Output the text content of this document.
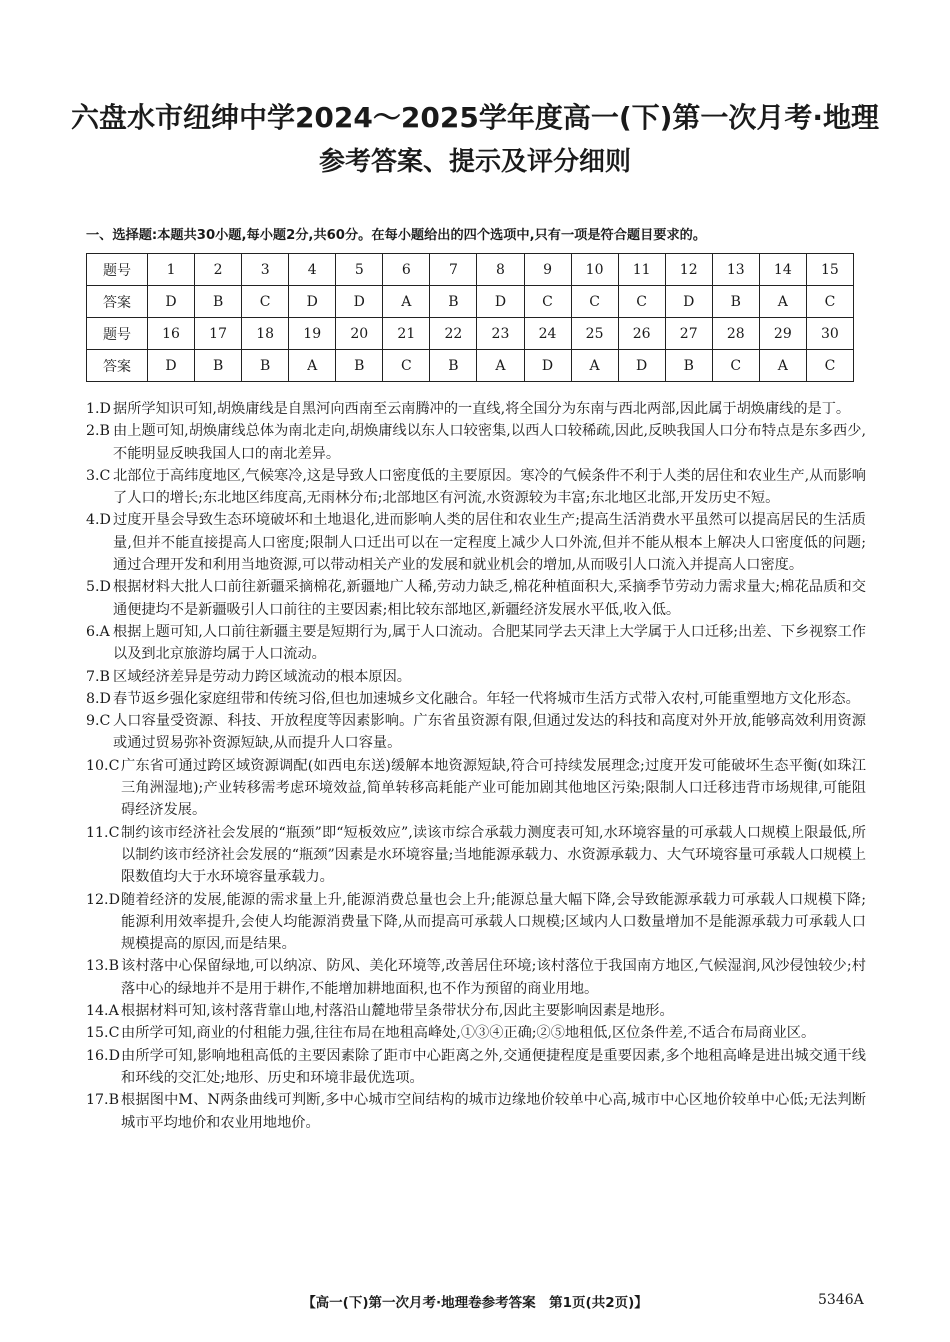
六盘水市纽绅中学2024～2025学年度高一(下)第一次月考·地理
参考答案、提示及评分细则
一、选择题:本题共30小题,每小题2分,共60分。在每小题给出的四个选项中,只有一项是符合题目要求的。
题号	1	2	3	4	5	6	7	8	9	10	11	12	13	14	15
答案	D	B	C	D	D	A	B	D	C	C	C	D	B	A	C
题号	16	17	18	19	20	21	22	23	24	25	26	27	28	29	30
答案	D	B	B	A	B	C	B	A	D	A	D	B	C	A	C
1.D 据所学知识可知,胡焕庸线是自黑河向西南至云南腾冲的一直线,将全国分为东南与西北两部,因此属于胡焕庸线的是丁。
2.B 由上题可知,胡焕庸线总体为南北走向,胡焕庸线以东人口较密集,以西人口较稀疏,因此,反映我国人口分布特点是东多西少,不能明显反映我国人口的南北差异。
3.C 北部位于高纬度地区,气候寒冷,这是导致人口密度低的主要原因。寒冷的气候条件不利于人类的居住和农业生产,从而影响了人口的增长;东北地区纬度高,无雨林分布;北部地区有河流,水资源较为丰富;东北地区北部,开发历史不短。
4.D 过度开垦会导致生态环境破坏和土地退化,进而影响人类的居住和农业生产;提高生活消费水平虽然可以提高居民的生活质量,但并不能直接提高人口密度;限制人口迁出可以在一定程度上减少人口外流,但并不能从根本上解决人口密度低的问题;通过合理开发和利用当地资源,可以带动相关产业的发展和就业机会的增加,从而吸引人口流入并提高人口密度。
5.D 根据材料大批人口前往新疆采摘棉花,新疆地广人稀,劳动力缺乏,棉花种植面积大,采摘季节劳动力需求量大;棉花品质和交通便捷均不是新疆吸引人口前往的主要因素;相比较东部地区,新疆经济发展水平低,收入低。
6.A 根据上题可知,人口前往新疆主要是短期行为,属于人口流动。合肥某同学去天津上大学属于人口迁移;出差、下乡视察工作以及到北京旅游均属于人口流动。
7.B 区域经济差异是劳动力跨区域流动的根本原因。
8.D 春节返乡强化家庭纽带和传统习俗,但也加速城乡文化融合。年轻一代将城市生活方式带入农村,可能重塑地方文化形态。
9.C 人口容量受资源、科技、开放程度等因素影响。广东省虽资源有限,但通过发达的科技和高度对外开放,能够高效利用资源或通过贸易弥补资源短缺,从而提升人口容量。
10.C 广东省可通过跨区域资源调配(如西电东送)缓解本地资源短缺,符合可持续发展理念;过度开发可能破坏生态平衡(如珠江三角洲湿地);产业转移需考虑环境效益,简单转移高耗能产业可能加剧其他地区污染;限制人口迁移违背市场规律,可能阻碍经济发展。
11.C 制约该市经济社会发展的“瓶颈”即“短板效应”,读该市综合承载力测度表可知,水环境容量的可承载人口规模上限最低,所以制约该市经济社会发展的“瓶颈”因素是水环境容量;当地能源承载力、水资源承载力、大气环境容量可承载人口规模上限数值均大于水环境容量承载力。
12.D 随着经济的发展,能源的需求量上升,能源消费总量也会上升;能源总量大幅下降,会导致能源承载力可承载人口规模下降;能源利用效率提升,会使人均能源消费量下降,从而提高可承载人口规模;区域内人口数量增加不是能源承载力可承载人口规模提高的原因,而是结果。
13.B 该村落中心保留绿地,可以纳凉、防风、美化环境等,改善居住环境;该村落位于我国南方地区,气候湿润,风沙侵蚀较少;村落中心的绿地并不是用于耕作,不能增加耕地面积,也不作为预留的商业用地。
14.A 根据材料可知,该村落背靠山地,村落沿山麓地带呈条带状分布,因此主要影响因素是地形。
15.C 由所学可知,商业的付租能力强,往往布局在地租高峰处,①③④正确;②⑤地租低,区位条件差,不适合布局商业区。
16.D 由所学可知,影响地租高低的主要因素除了距市中心距离之外,交通便捷程度是重要因素,多个地租高峰是进出城交通干线和环线的交汇处;地形、历史和环境非最优选项。
17.B 根据图中M、N两条曲线可判断,多中心城市空间结构的城市边缘地价较单中心高,城市中心区地价较单中心低;无法判断城市平均地价和农业用地地价。
【高一(下)第一次月考·地理卷参考答案　第1页(共2页)】	5346A
